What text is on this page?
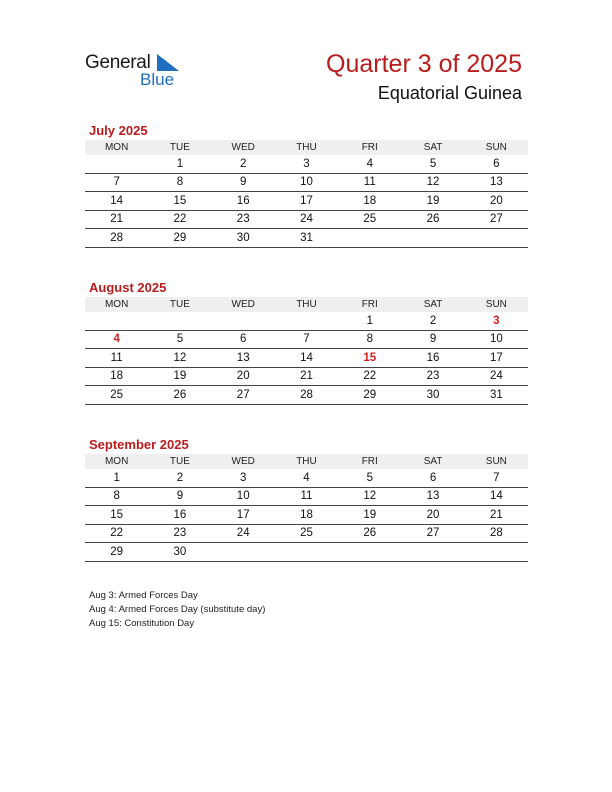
General
Blue
Quarter 3 of 2025
Equatorial Guinea
July 2025
MON	TUE	WED	THU	FRI	SAT	SUN
	1	2	3	4	5	6
7	8	9	10	11	12	13
14	15	16	17	18	19	20
21	22	23	24	25	26	27
28	29	30	31			
August 2025
MON	TUE	WED	THU	FRI	SAT	SUN
				1	2	3
4	5	6	7	8	9	10
11	12	13	14	15	16	17
18	19	20	21	22	23	24
25	26	27	28	29	30	31
September 2025
MON	TUE	WED	THU	FRI	SAT	SUN
1	2	3	4	5	6	7
8	9	10	11	12	13	14
15	16	17	18	19	20	21
22	23	24	25	26	27	28
29	30					
Aug 3: Armed Forces Day
Aug 4: Armed Forces Day (substitute day)
Aug 15: Constitution Day
